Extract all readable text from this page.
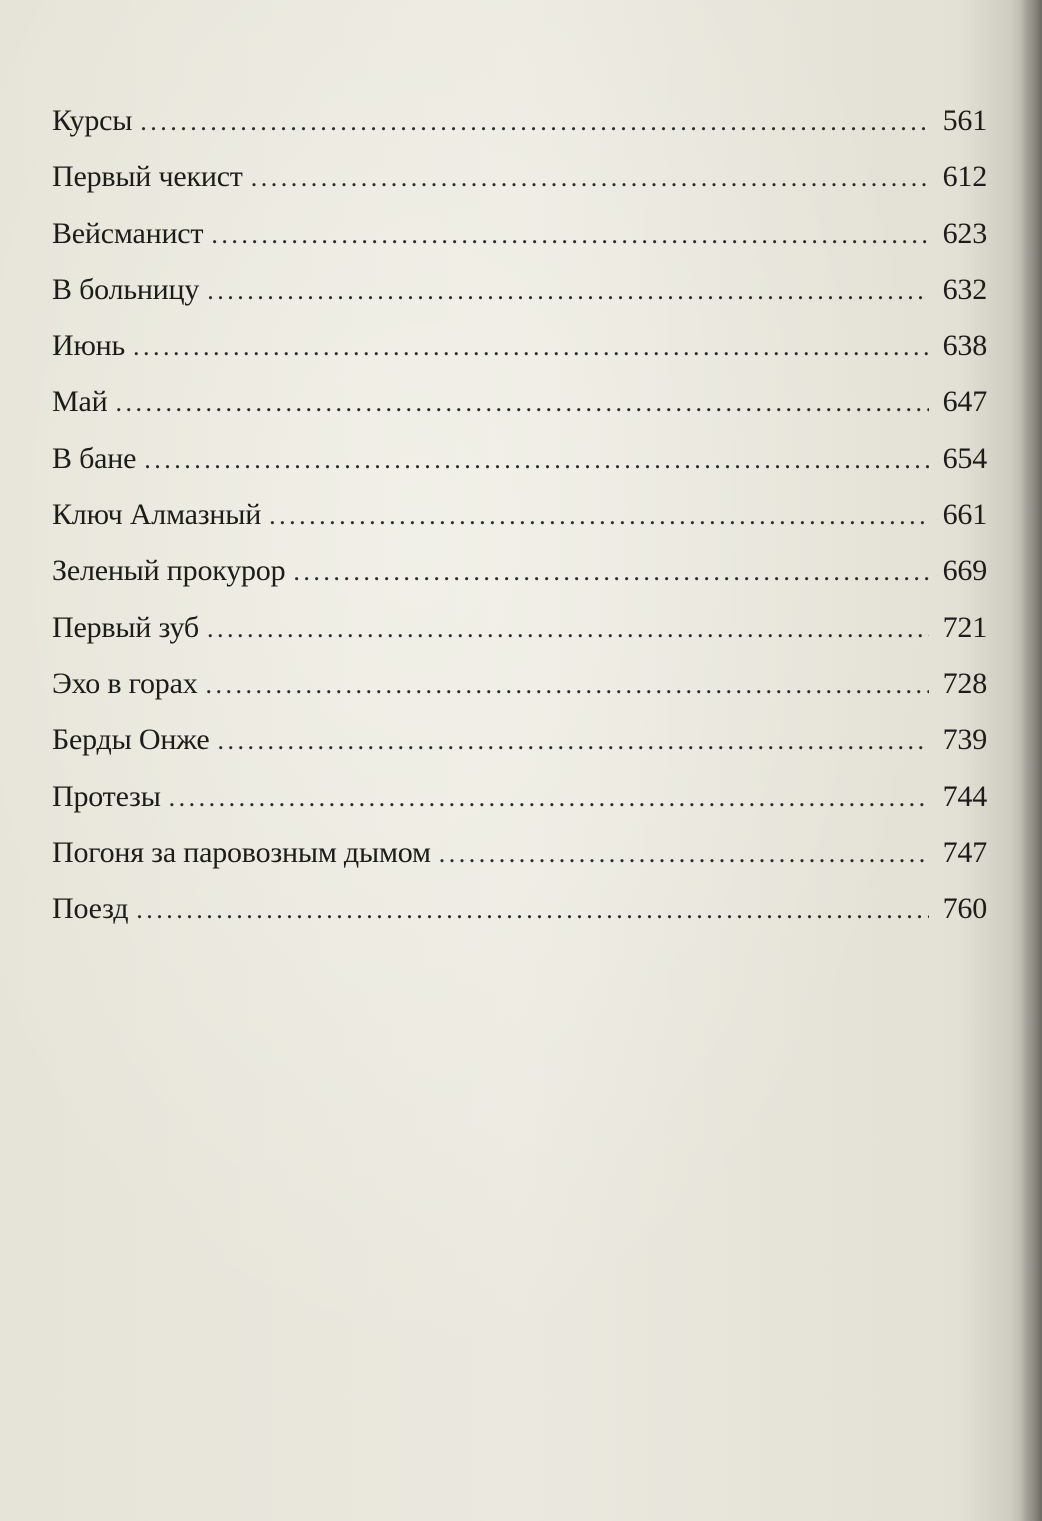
Курсы . . .	561
Первый чекист . . .	612
Вейсманист . . .	623
В больницу . . .	632
Июнь . . .	638
Май . . .	647
В бане . . .	654
Ключ Алмазный . . .	661
Зеленый прокурор . . .	669
Первый зуб . . .	721
Эхо в горах . . .	728
Берды Онже . . .	739
Протезы . . .	744
Погоня за паровозным дымом . . .	747
Поезд . . .	760
